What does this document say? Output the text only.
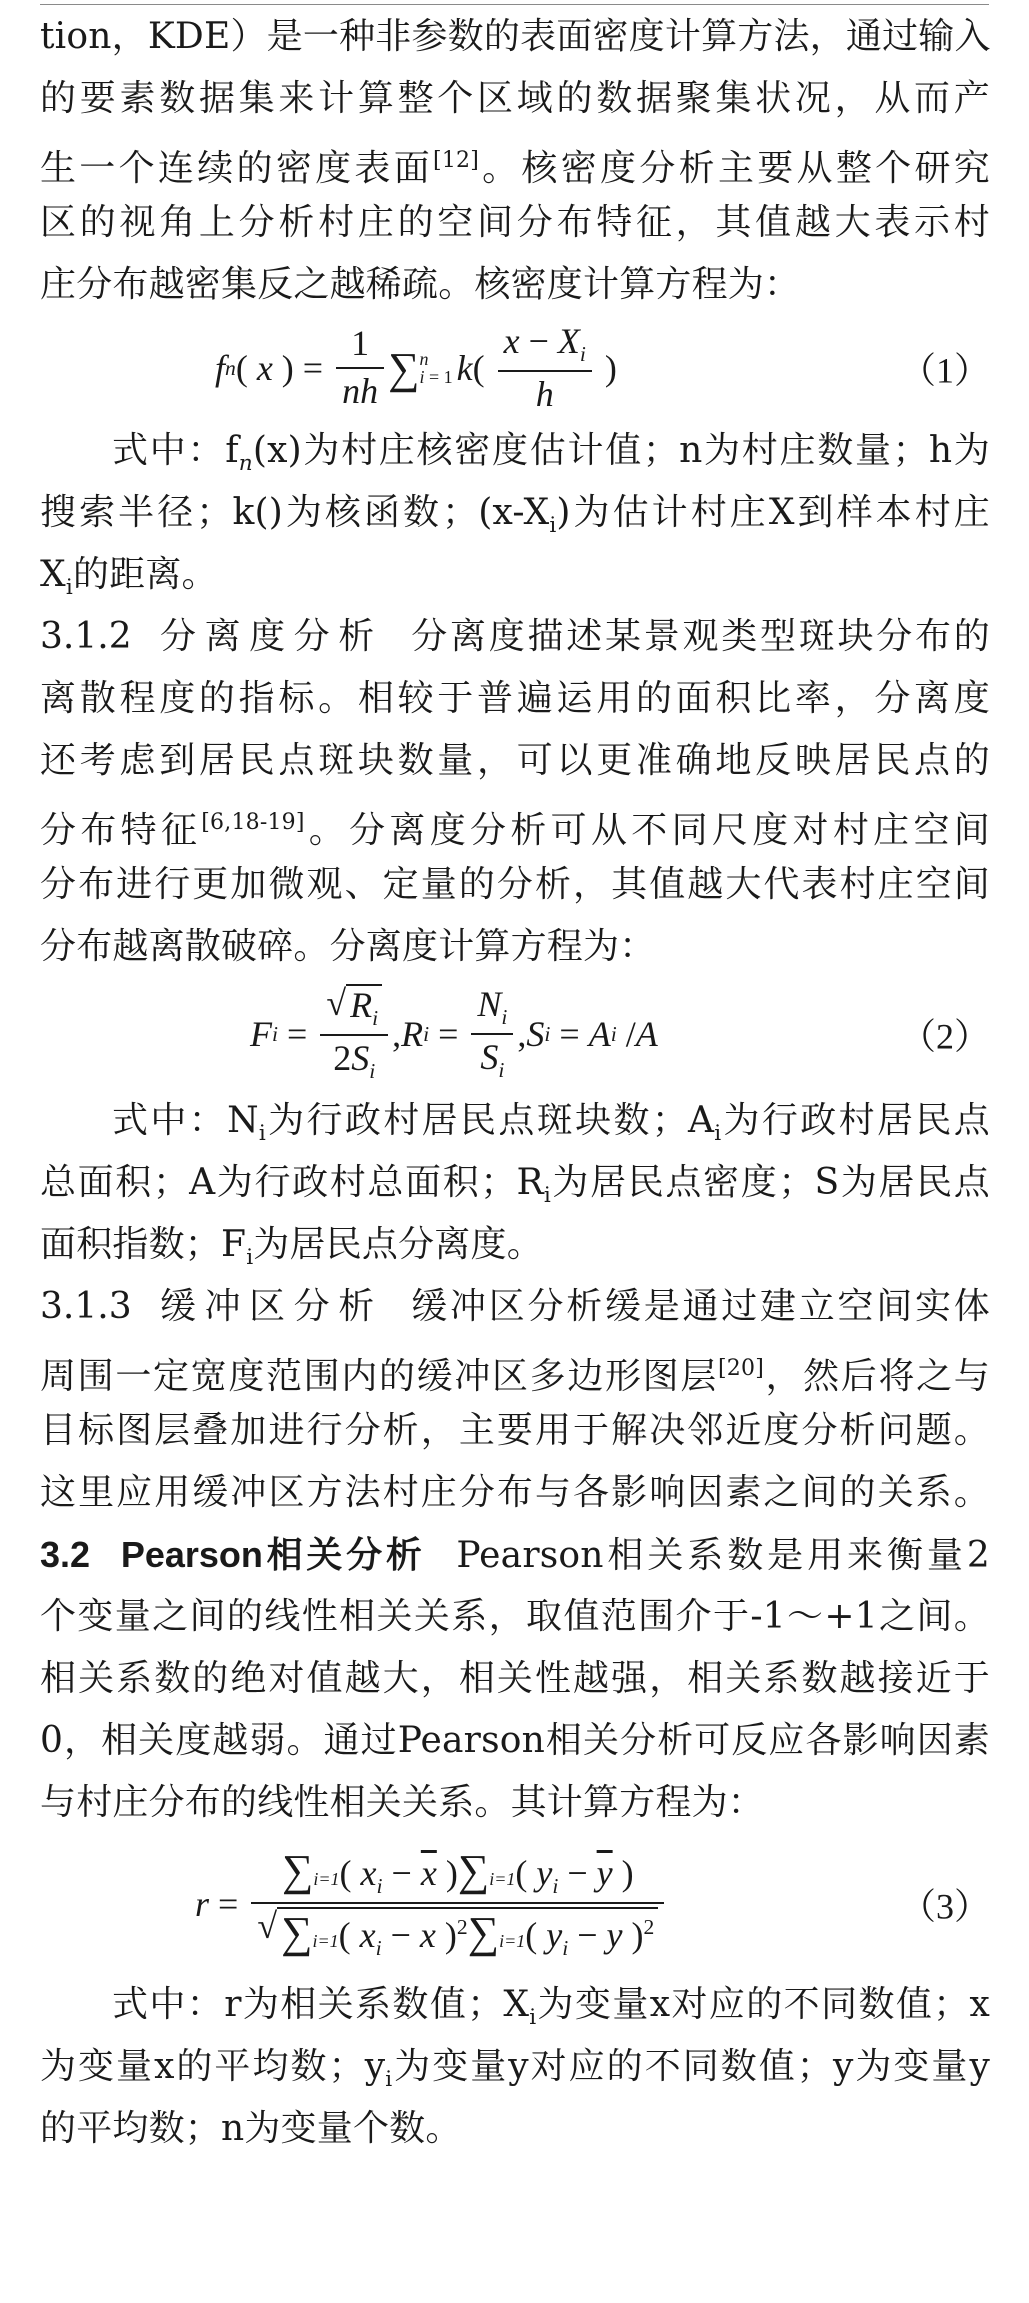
tion，KDE）是一种非参数的表面密度计算方法，通过输入
的要素数据集来计算整个区域的数据聚集状况，从而产
生一个连续的密度表面[12]。核密度分析主要从整个研究
区的视角上分析村庄的空间分布特征，其值越大表示村
庄分布越密集反之越稀疏。核密度计算方程为：
f n ( x ) = $\frac{1}{nh}$ ∑ n
i = 1 k ( $\frac{x - X_i}{h}$ )	（1）
式中：$f_n(x)$为村庄核密度估计值；n为村庄数量；h为
搜索半径；k()为核函数；$(x-X_i)$为估计村庄X到样本村庄
$X_i$的距离。
3.1.2 分离度分析 分离度描述某景观类型斑块分布的
离散程度的指标。相较于普遍运用的面积比率，分离度
还考虑到居民点斑块数量，可以更准确地反映居民点的
分布特征[6,18-19]。分离度分析可从不同尺度对村庄空间
分布进行更加微观、定量的分析，其值越大代表村庄空间
分布越离散破碎。分离度计算方程为：
F $i = \frac{√ R_i}{2S_i}$ , R $i = \frac{N_i}{S_i}$ , S i = A i / A	（2）
式中：$N_i$为行政村居民点斑块数；$A_i$为行政村居民点
总面积；A为行政村总面积；$R_i$为居民点密度；S为居民点
面积指数；$F_i$为居民点分离度。
3.1.3 缓冲区分析 缓冲区分析缓是通过建立空间实体
周围一定宽度范围内的缓冲区多边形图层[20]，然后将之与
目标图层叠加进行分析，主要用于解决邻近度分析问题。
这里应用缓冲区方法村庄分布与各影响因素之间的关系。
3.2 Pearson相关分析 Pearson相关系数是用来衡量2
个变量之间的线性相关关系，取值范围介于-1～+1之间。
相关系数的绝对值越大，相关性越强，相关系数越接近于
0，相关度越弱。通过Pearson相关分析可反应各影响因素
与村庄分布的线性相关关系。其计算方程为：
$r = \frac{\sum i=1( x_i - \overline{x} )\sum i=1( y_i - \overline{y} )}{√ \sum i=1( x_i - x )^2\sum i=1( y_i - y )^2}$	（3）
式中：r为相关系数值；$X_i$为变量x对应的不同数值；x
为变量x的平均数；$y_i$为变量y对应的不同数值；y为变量y
的平均数；n为变量个数。
